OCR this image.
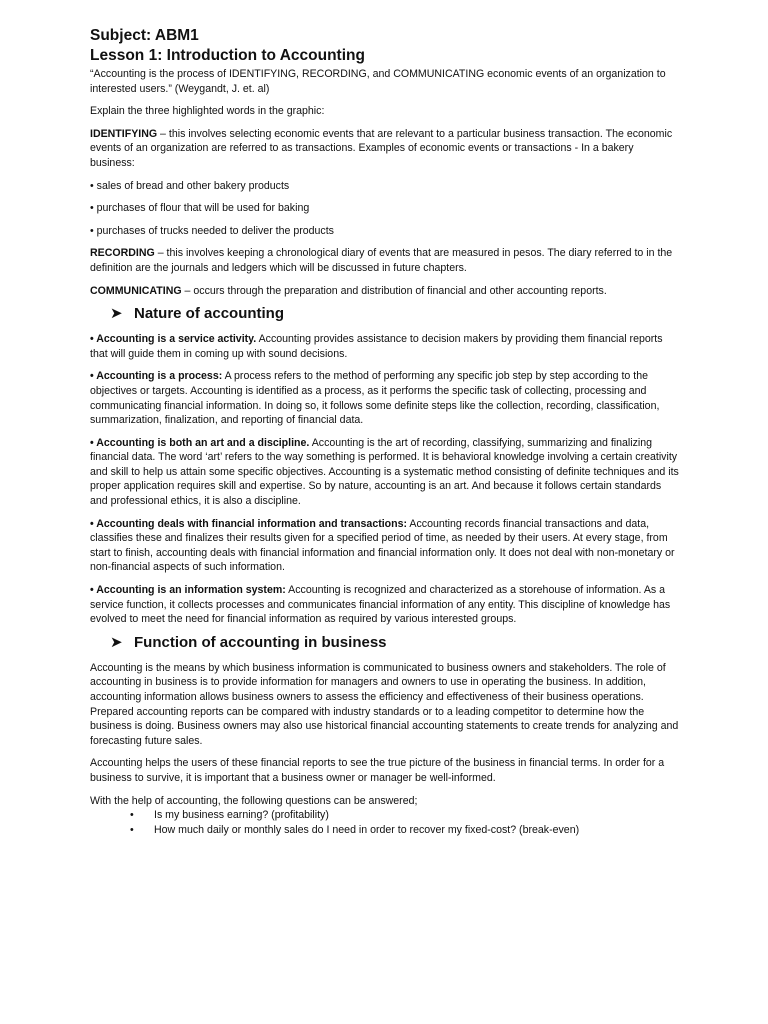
Subject: ABM1
Lesson 1: Introduction to Accounting

“Accounting is the process of IDENTIFYING, RECORDING, and COMMUNICATING economic events of an organization to interested users.” (Weygandt, J. et. al)

Explain the three highlighted words in the graphic:

IDENTIFYING – this involves selecting economic events that are relevant to a particular business transaction. The economic events of an organization are referred to as transactions. Examples of economic events or transactions - In a bakery business:

• sales of bread and other bakery products
• purchases of flour that will be used for baking
• purchases of trucks needed to deliver the products

RECORDING – this involves keeping a chronological diary of events that are measured in pesos. The diary referred to in the definition are the journals and ledgers which will be discussed in future chapters.

COMMUNICATING – occurs through the preparation and distribution of financial and other accounting reports.

➤ Nature of accounting

• Accounting is a service activity. Accounting provides assistance to decision makers by providing them financial reports that will guide them in coming up with sound decisions.

• Accounting is a process: A process refers to the method of performing any specific job step by step according to the objectives or targets. Accounting is identified as a process, as it performs the specific task of collecting, processing and communicating financial information. In doing so, it follows some definite steps like the collection, recording, classification, summarization, finalization, and reporting of financial data.

• Accounting is both an art and a discipline. Accounting is the art of recording, classifying, summarizing and finalizing financial data. The word ‘art’ refers to the way something is performed. It is behavioral knowledge involving a certain creativity and skill to help us attain some specific objectives. Accounting is a systematic method consisting of definite techniques and its proper application requires skill and expertise. So by nature, accounting is an art. And because it follows certain standards and professional ethics, it is also a discipline.

• Accounting deals with financial information and transactions: Accounting records financial transactions and data, classifies these and finalizes their results given for a specified period of time, as needed by their users. At every stage, from start to finish, accounting deals with financial information and financial information only. It does not deal with non-monetary or non-financial aspects of such information.

• Accounting is an information system: Accounting is recognized and characterized as a storehouse of information. As a service function, it collects processes and communicates financial information of any entity. This discipline of knowledge has evolved to meet the need for financial information as required by various interested groups.

➤ Function of accounting in business

Accounting is the means by which business information is communicated to business owners and stakeholders. The role of accounting in business is to provide information for managers and owners to use in operating the business. In addition, accounting information allows business owners to assess the efficiency and effectiveness of their business operations. Prepared accounting reports can be compared with industry standards or to a leading competitor to determine how the business is doing. Business owners may also use historical financial accounting statements to create trends for analyzing and forecasting future sales.

Accounting helps the users of these financial reports to see the true picture of the business in financial terms. In order for a business to survive, it is important that a business owner or manager be well-informed.

With the help of accounting, the following questions can be answered;

• Is my business earning? (profitability)
• How much daily or monthly sales do I need in order to recover my fixed-cost? (break-even)
